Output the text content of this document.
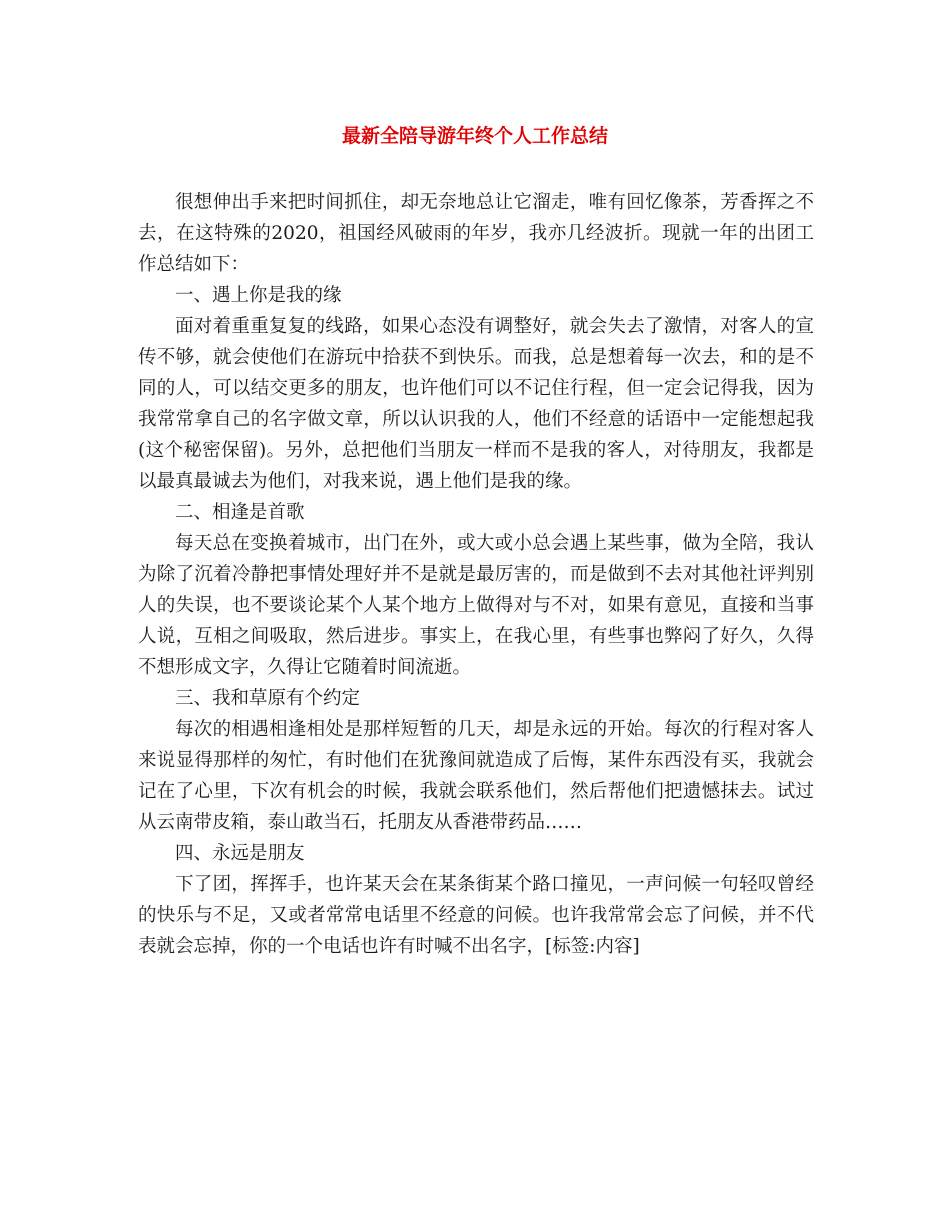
最新全陪导游年终个人工作总结

很想伸出手来把时间抓住，却无奈地总让它溜走，唯有回忆像茶，芳香挥之不去，在这特殊的2020，祖国经风破雨的年岁，我亦几经波折。现就一年的出团工作总结如下：

一、遇上你是我的缘

面对着重重复复的线路，如果心态没有调整好，就会失去了激情，对客人的宣传不够，就会使他们在游玩中拾获不到快乐。而我，总是想着每一次去，和的是不同的人，可以结交更多的朋友，也许他们可以不记住行程，但一定会记得我，因为我常常拿自己的名字做文章，所以认识我的人，他们不经意的话语中一定能想起我(这个秘密保留)。另外，总把他们当朋友一样而不是我的客人，对待朋友，我都是以最真最诚去为他们，对我来说，遇上他们是我的缘。

二、相逢是首歌

每天总在变换着城市，出门在外，或大或小总会遇上某些事，做为全陪，我认为除了沉着冷静把事情处理好并不是就是最厉害的，而是做到不去对其他社评判别人的失误，也不要谈论某个人某个地方上做得对与不对，如果有意见，直接和当事人说，互相之间吸取，然后进步。事实上，在我心里，有些事也弊闷了好久，久得不想形成文字，久得让它随着时间流逝。

三、我和草原有个约定

每次的相遇相逢相处是那样短暂的几天，却是永远的开始。每次的行程对客人来说显得那样的匆忙，有时他们在犹豫间就造成了后悔，某件东西没有买，我就会记在了心里，下次有机会的时候，我就会联系他们，然后帮他们把遗憾抹去。试过从云南带皮箱，泰山敢当石，托朋友从香港带药品……

四、永远是朋友

下了团，挥挥手，也许某天会在某条街某个路口撞见，一声问候一句轻叹曾经的快乐与不足，又或者常常电话里不经意的问候。也许我常常会忘了问候，并不代表就会忘掉，你的一个电话也许有时喊不出名字，[标签:内容]
